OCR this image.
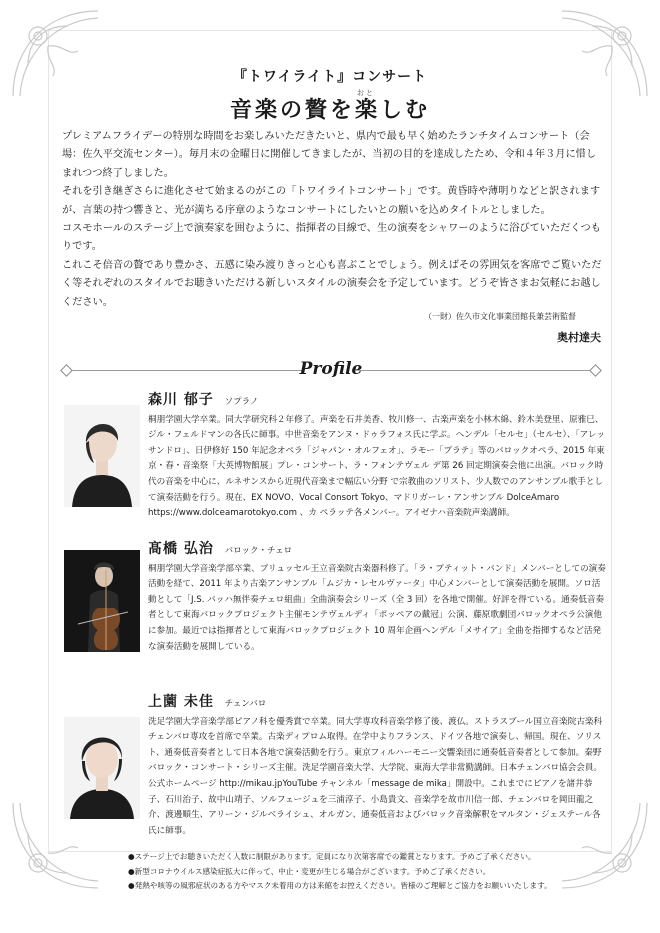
『トワイライト』コンサート
おと
音楽の贅を楽しむ

プレミアムフライデーの特別な時間をお楽しみいただきたいと、県内で最も早く始めたランチタイムコンサート（会場：佐久平交流センター）。毎月末の金曜日に開催してきましたが、当初の目的を達成したため、令和４年３月に惜しまれつつ終了しました。

それを引き継ぎさらに進化させて始まるのがこの「トワイライトコンサート」です。黄昏時や薄明りなどと訳されますが、言葉の持つ響きと、光が満ちる序章のようなコンサートにしたいとの願いを込めタイトルとしました。

コスモホールのステージ上で演奏家を囲むように、指揮者の目線で、生の演奏をシャワーのように浴びていただくつもりです。

これこそ倍音の贅であり豊かさ、五感に染み渡りきっと心も喜ぶことでしょう。例えばその雰囲気を客席でご覧いただく等それぞれのスタイルでお聴きいただける新しいスタイルの演奏会を予定しています。どうぞ皆さまお気軽にお越しください。

（一財）佐久市文化事業団館長兼芸術監督
奥村達夫
Profile
森川 郁子 ソプラノ
桐朋学園大学卒業。同大学研究科２年修了。声楽を石井美香、牧川修一、古楽声楽を小林木綿、鈴木美登里、原雅巳、ジル・フェルドマンの各氏に師事。中世音楽をアンヌ・ドゥラフォス氏に学ぶ。ヘンデル「セルセ」（セルセ）、「アレッサンドロ」、日伊修好 150 年記念オペラ「ジャパン・オルフェオ」、ラモー「プラテ」等のバロックオペラ、2015 年東京・春・音楽祭「大英博物館展」プレ・コンサート、ラ・フォンテヴェル デ第 26 回定期演奏会他に出演。バロック時代の音楽を中心に、ルネサンスから近現代音楽まで幅広い分野 で宗教曲のソリスト、少人数でのアンサンブル歌手として演奏活動を行う。現在、EX NOVO、Vocal Consort Tokyo、マドリガーレ・アンサンブル DolceAmaro https://www.dolceamarotokyo.com 、カ ペラッテ各メンバー。アイゼナハ音楽院声楽講師。
髙橋 弘治 バロック・チェロ
桐朋学園大学音楽学部卒業、ブリュッセル王立音楽院古楽器科修了。「ラ・プティット・バンド」メンバーとしての演奏活動を経て、2011 年より古楽アンサンブル「ムジカ・レセルヴァータ」中心メンバーとして演奏活動を展開。ソロ活動として「J.S. バッハ無伴奏チェロ組曲」全曲演奏会シリーズ（全 3 回）を各地で開催。好評を得ている。通奏低音奏者として東海バロックプロジェクト主催モンテヴェルディ「ポッペアの戴冠」公演、藤原歌劇団バロックオペラ公演他に参加。最近では指揮者として東海バロックプロジェクト 10 周年企画ヘンデル「メサイア」全曲を指揮するなど活発な演奏活動を展開している。
上薗 未佳 チェンバロ
洗足学園大学音楽学部ピアノ科を優秀賞で卒業。同大学専攻科音楽学修了後、渡仏。ストラスブール国立音楽院古楽科チェンバロ専攻を首席で卒業。古楽ディプロム取得。在学中よりフランス、ドイツ各地で演奏し、帰国。現在、ソリスト、通奏低音奏者として日本各地で演奏活動を行う。東京フィルハーモニー交響楽団に通奏低音奏者として参加。秦野バロック・コンサート・シリーズ主催。洗足学園音楽大学、大学院、東海大学非常勤講師。日本チェンバロ協会会員。公式ホームページ http://mikau.jpYouTube チャンネル「message de mika」開設中。これまでにピアノを諸井恭子、石川治子、故中山靖子、ソルフェージュを三浦淳子、小島貴文、音楽学を故市川信一郎、チェンバロを岡田龍之介、渡邊順生、アリーン・ジルベライシュ、オルガン、通奏低音およびバロック音楽解釈をマルタン・ジェステール各氏に師事。
●ステージ上でお聴きいただく人数に制限があります。定員になり次第客席での鑑賞となります。予めご了承ください。
●新型コロナウイルス感染症拡大に伴って、中止・変更が生じる場合がございます。予めご了承ください。
●発熱や咳等の風邪症状のある方やマスク未着用の方は来館をお控えください。皆様のご理解とご協力をお願いいたします。
